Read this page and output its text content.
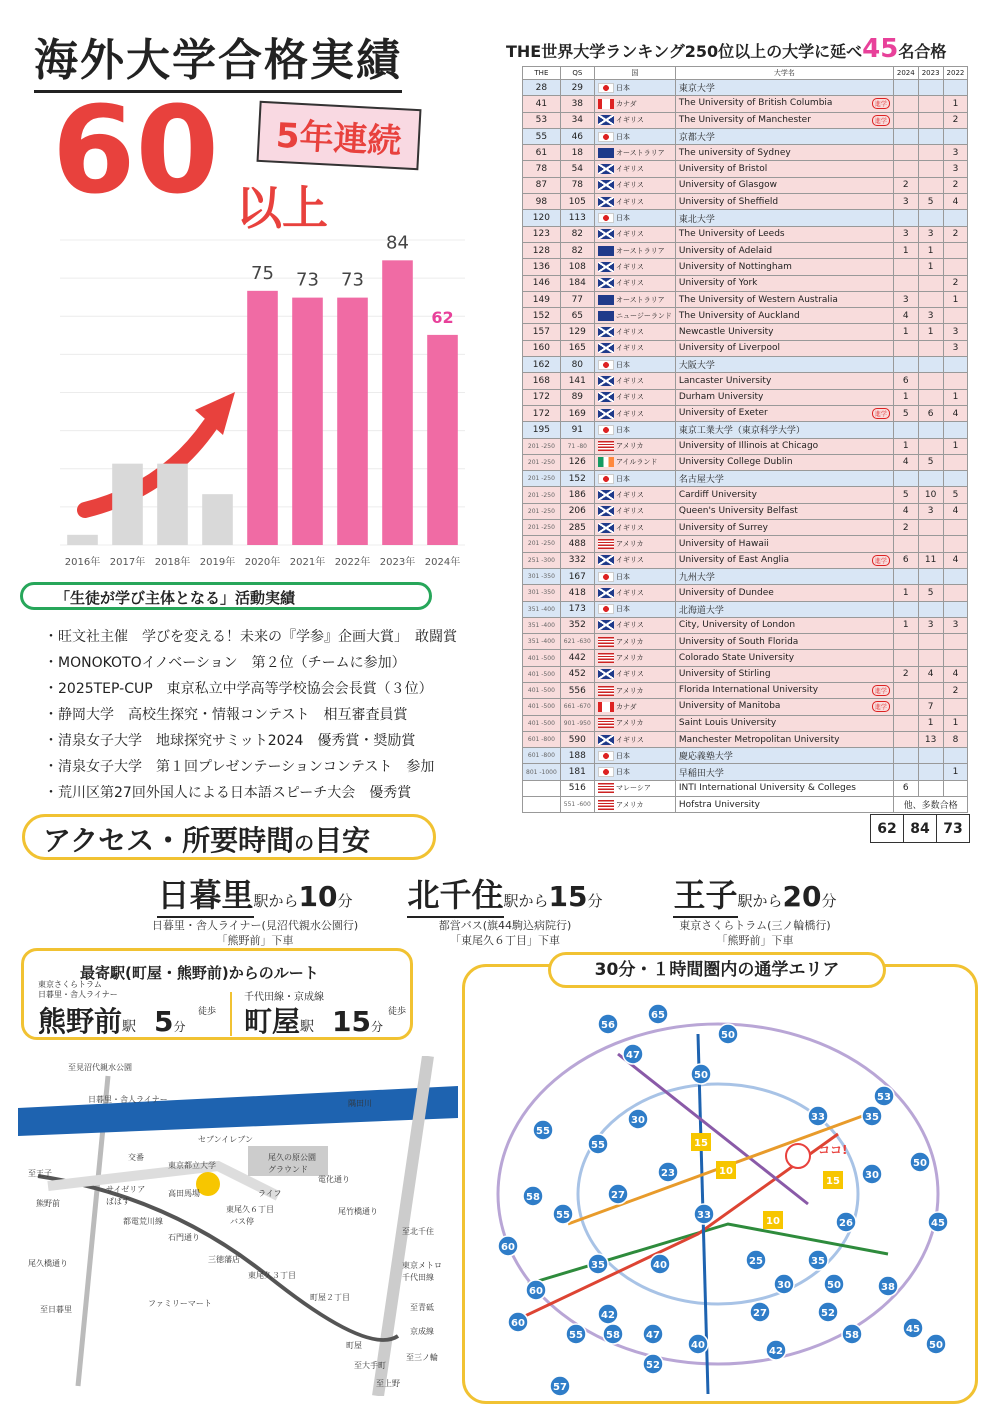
海外大学合格実績
60 以上
5年連続
2016年 2017年 2018年 2019年
75
2020年
73
2021年
73
2022年
84
2023年
62
2024年
「生徒が学び主体となる」活動実績
・旺文社主催　学びを変える！未来の『学参』企画大賞」　敢闘賞
・MONOKOTOイノベーション　第２位（チームに参加）
・2025TEP-CUP　東京私立中学高等学校協会会長賞（３位）
・静岡大学　高校生探究・情報コンテスト　相互審査員賞
・清泉女子大学　地球探究サミット2024　優秀賞・奨励賞
・清泉女子大学　第１回プレゼンテーションコンテスト　参加
・荒川区第27回外国人による日本語スピーチ大会　優秀賞
THE世界大学ランキング250位以上の大学に延べ45名合格
THE	QS	国	大学名	2024	2023	2022
28	29	日本	東京大学			
41	38	カナダ	The University of British Columbia 進学			1
53	34	イギリス	The University of Manchester 進学			2
55	46	日本	京都大学			
61	18	オーストラリア	The university of Sydney			3
78	54	イギリス	University of Bristol			3
87	78	イギリス	University of Glasgow	2		2
98	105	イギリス	University of Sheffield	3	5	4
120	113	日本	東北大学			
123	82	イギリス	The University of Leeds	3	3	2
128	82	オーストラリア	University of Adelaid	1	1	
136	108	イギリス	University of Nottingham		1	
146	184	イギリス	University of York			2
149	77	オーストラリア	The University of Western Australia	3		1
152	65	ニュージーランド	The University of Auckland	4	3	
157	129	イギリス	Newcastle University	1	1	3
160	165	イギリス	University of Liverpool			3
162	80	日本	大阪大学			
168	141	イギリス	Lancaster University	6		
172	89	イギリス	Durham University	1		1
172	169	イギリス	University of Exeter 進学	5	6	4
195	91	日本	東京工業大学（東京科学大学）			
201 -250	71 -80	アメリカ	University of Illinois at Chicago	1		1
201 -250	126	アイルランド	University College Dublin	4	5	
201 -250	152	日本	名古屋大学			
201 -250	186	イギリス	Cardiff University	5	10	5
201 -250	206	イギリス	Queen's University Belfast	4	3	4
201 -250	285	イギリス	University of Surrey	2		
201 -250	488	アメリカ	University of Hawaii			
251 -300	332	イギリス	University of East Anglia 進学	6	11	4
301 -350	167	日本	九州大学			
301 -350	418	イギリス	University of Dundee	1	5	
351 -400	173	日本	北海道大学			
351 -400	352	イギリス	City, University of London	1	3	3
351 -400	621 -630	アメリカ	University of South Florida			
401 -500	442	アメリカ	Colorado State University			
401 -500	452	イギリス	University of Stirling	2	4	4
401 -500	556	アメリカ	Florida International University 進学			2
401 -500	661 -670	カナダ	University of Manitoba 進学		7	
401 -500	901 -950	アメリカ	Saint Louis University		1	1
601 -800	590	イギリス	Manchester Metropolitan University		13	8
601 -800	188	日本	慶応義塾大学			
801 -1000	181	日本	早稲田大学			1
	516	マレーシア	INTI International University & Colleges	6		
	551 -600	アメリカ	Hofstra University	他、多数合格		
62	84	73
アクセス・所要時間の目安
日暮里駅から10分
日暮里・舎人ライナー(見沼代親水公園行)
「熊野前」下車
北千住駅から15分
都営バス(旗44駒込病院行)
「東尾久６丁目」下車
王子駅から20分
東京さくらトラム(三ノ輪橋行)
「熊野前」下車
最寄駅(町屋・熊野前)からのルート
東京さくらトラム
日暮里・舎人ライナー
熊野前駅 5分
徒歩
千代田線・京成線
町屋駅 15分
徒歩
至見沼代親水公園
日暮里・舎人ライナー	隅田川
セブンイレブン
尾久の原公園
グラウンド
東京都立大学
交番
至王子
熊野前
サイゼリア
ぱぱす
東尾久６丁目
バス停
ライフ
電化通り
尾竹橋通り
石門通り
三徳藩店
尾久橋通り
東尾久３丁目
ファミリーマート
町屋２丁目
至北千住
東京メトロ
千代田線
至青砥
京成線
至日暮里
町屋
至大手町
至上野
至三ノ輪
高田馬場
都電荒川線
30分・１時間圏内の通学エリア
ココ!
56
65
50
47
50
30	33	35
53
50
30
55
55
23
27
58
55	33
26	45
60
35	40	25	35
30	50	38
60
60
42
55 58	47
40
27	52
58
45
50
42
52
57
15
10
15
10
